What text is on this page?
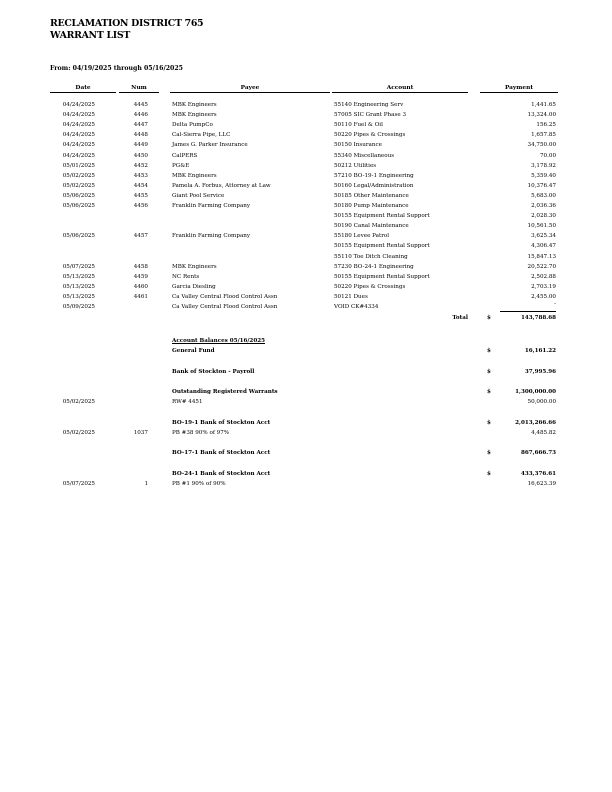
RECLAMATION DISTRICT 765
WARRANT LIST
From: 04/19/2025 through 05/16/2025
Date	Num	Payee	Account	Payment
04/24/2025	4445	MBK Engineers	55140 Engineering Serv	1,441.65
04/24/2025	4446	MBK Engineers	57005 SIC Grant Phase 3	13,324.00
04/24/2025	4447	Delta PumpCo	50110 Fuel & Oil	156.25
04/24/2025	4448	Cal-Sierra Pipe, LLC	50220 Pipes & Crossings	1,657.85
04/24/2025	4449	James G. Parker Insurance	50150 Insurance	34,750.00
04/24/2025	4450	CalPERS	55340 Miscellaneous	70.00
05/01/2025	4452	PG&E	50212 Utilities	3,178.92
05/02/2025	4453	MBK Engineers	57210 BO-19-1 Engineering	5,359.40
05/02/2025	4454	Pamela A. Forbus, Attorney at Law	50160 Legal/Administration	10,376.47
05/06/2025	4455	Giant Pool Service	50185 Other Maintenance	5,683.00
05/06/2025	4456	Franklin Farming Company	50180 Pump Maintenance	2,036.36
50155 Equipment Rental Support	2,028.30
50190 Canal Maintenance	10,561.50
05/06/2025	4457	Franklin Farming Company	55180 Levee Patrol	3,625.34
50155 Equipment Rental Support	4,306.47
55110 Toe Ditch Cleaning	15,847.13
05/07/2025	4458	MBK Engineers	57230 BO-24-1 Engineering	20,522.70
05/13/2025	4459	NC Rents	50155 Equipment Rental Support	2,502.88
05/13/2025	4460	Garcia Diesling	50220 Pipes & Crossings	2,703.19
05/13/2025	4461	Ca Valley Central Flood Control Assn	50121 Dues	2,455.00
05/09/2025	Ca Valley Central Flood Control Assn	VOID CK#4334	-
Total	$	143,788.68
Account Balances 05/16/2025
General Fund	$	16,161.22
Bank of Stockton - Payroll	$	37,995.96
Outstanding Registered Warrants	$	1,300,000.00
05/02/2025	RW# 4451	50,000.00
BO-19-1 Bank of Stockton Acct	$	2,013,266.66
05/02/2025	1037	PB #38 90% of 97%	4,485.82
BO-17-1 Bank of Stockton Acct	$	867,666.73
BO-24-1 Bank of Stockton Acct	$	433,376.61
05/07/2025	1	PB #1 90% of 90%	16,623.39
